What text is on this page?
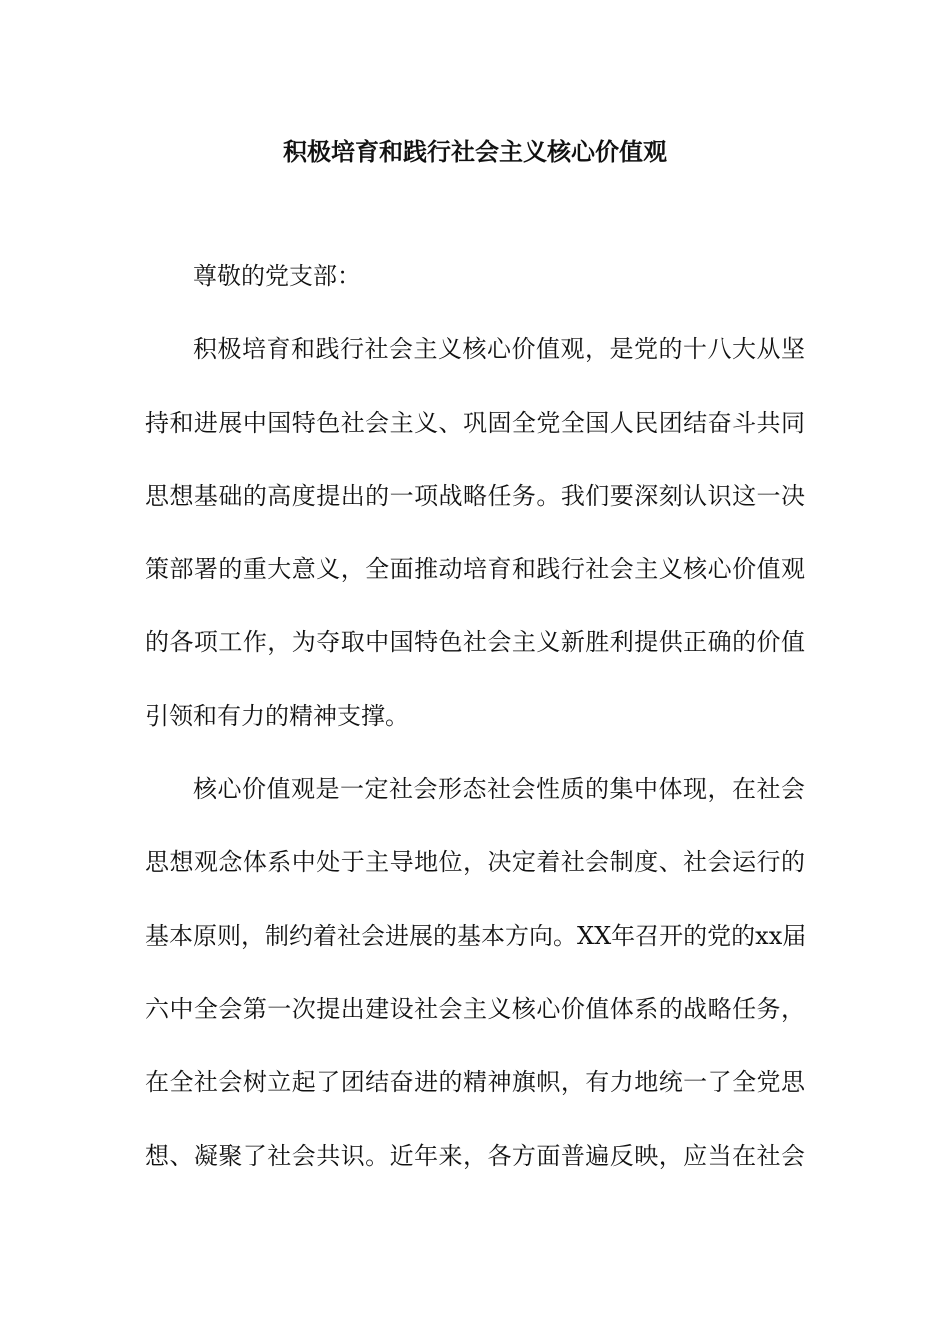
积极培育和践行社会主义核心价值观
尊敬的党支部：
积极培育和践行社会主义核心价值观，是党的十八大从坚
持和进展中国特色社会主义、巩固全党全国人民团结奋斗共同
思想基础的高度提出的一项战略任务。我们要深刻认识这一决
策部署的重大意义，全面推动培育和践行社会主义核心价值观
的各项工作，为夺取中国特色社会主义新胜利提供正确的价值
引领和有力的精神支撑。
核心价值观是一定社会形态社会性质的集中体现，在社会
思想观念体系中处于主导地位，决定着社会制度、社会运行的
基本原则，制约着社会进展的基本方向。XX年召开的党的xx届
六中全会第一次提出建设社会主义核心价值体系的战略任务，
在全社会树立起了团结奋进的精神旗帜，有力地统一了全党思
想、凝聚了社会共识。近年来，各方面普遍反映，应当在社会
